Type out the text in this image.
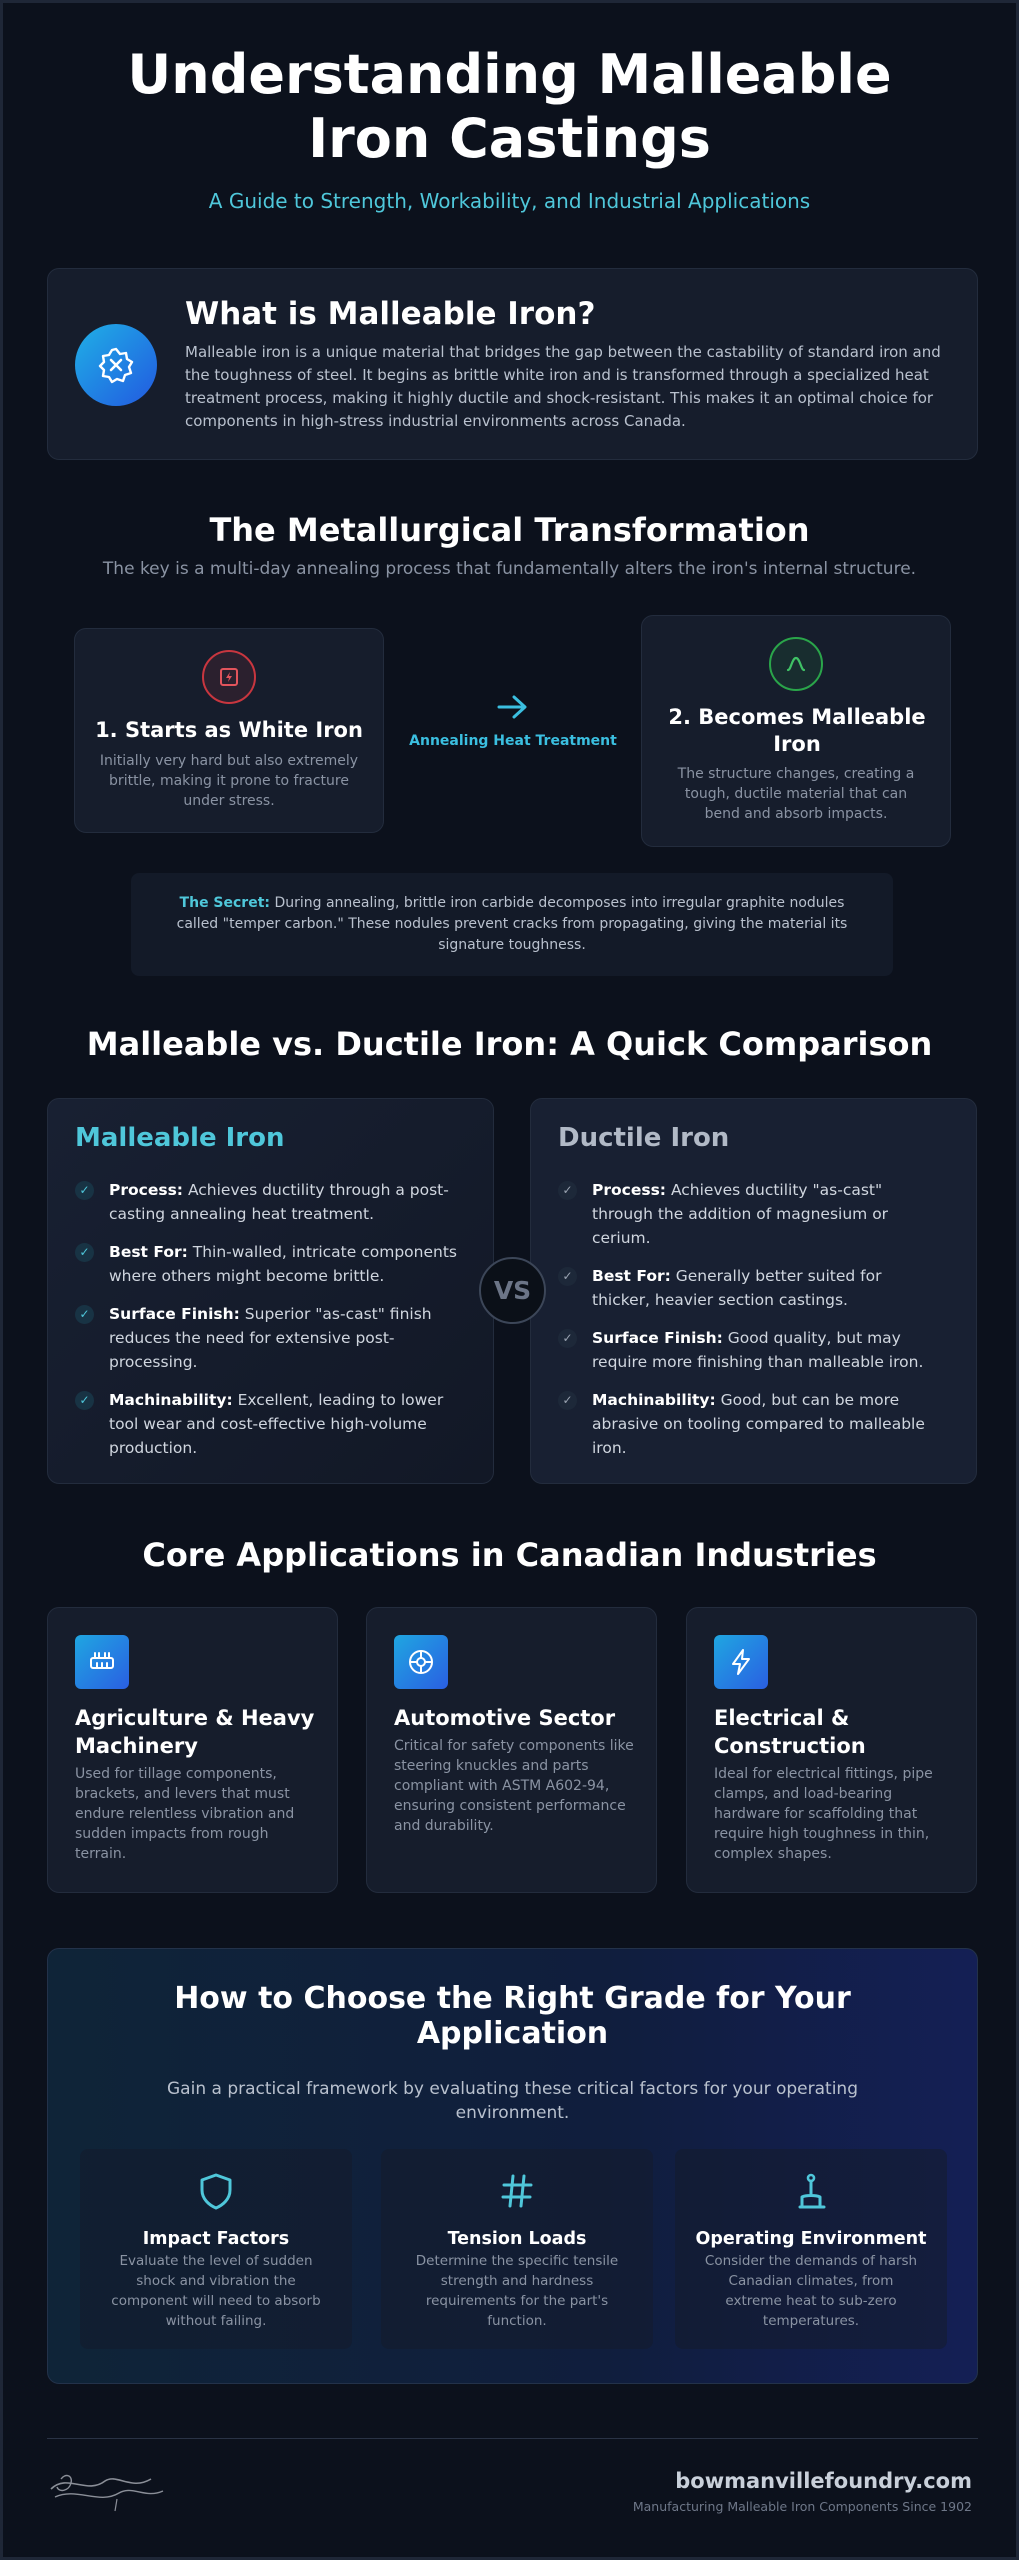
Understanding Malleable Iron Castings
A Guide to Strength, Workability, and Industrial Applications
What is Malleable Iron?

Malleable iron is a unique material that bridges the gap between the castability of standard iron and the toughness of steel. It begins as brittle white iron and is transformed through a specialized heat treatment process, making it highly ductile and shock-resistant. This makes it an optimal choice for components in high-stress industrial environments across Canada.

The Metallurgical Transformation
The key is a multi-day annealing process that fundamentally alters the iron's internal structure.
1. Starts as White Iron

Initially very hard but also extremely brittle, making it prone to fracture under stress.

Annealing Heat Treatment
2. Becomes Malleable Iron

The structure changes, creating a tough, ductile material that can bend and absorb impacts.

The Secret: During annealing, brittle iron carbide decomposes into irregular graphite nodules called "temper carbon." These nodules prevent cracks from propagating, giving the material its signature toughness.
Malleable vs. Ductile Iron: A Quick Comparison
Malleable Iron
✓ Process: Achieves ductility through a post-casting annealing heat treatment.
✓ Best For: Thin-walled, intricate components where others might become brittle.
✓ Surface Finish: Superior "as-cast" finish reduces the need for extensive post-processing.
✓ Machinability: Excellent, leading to lower tool wear and cost-effective high-volume production.
Ductile Iron
✓ Process: Achieves ductility "as-cast" through the addition of magnesium or cerium.
✓ Best For: Generally better suited for thicker, heavier section castings.
✓ Surface Finish: Good quality, but may require more finishing than malleable iron.
✓ Machinability: Good, but can be more abrasive on tooling compared to malleable iron.
VS
Core Applications in Canadian Industries
Agriculture & Heavy Machinery

Used for tillage components, brackets, and levers that must endure relentless vibration and sudden impacts from rough terrain.

Automotive Sector

Critical for safety components like steering knuckles and parts compliant with ASTM A602-94, ensuring consistent performance and durability.

Electrical & Construction

Ideal for electrical fittings, pipe clamps, and load-bearing hardware for scaffolding that require high toughness in thin, complex shapes.

How to Choose the Right Grade for Your Application
Gain a practical framework by evaluating these critical factors for your operating environment.
Impact Factors

Evaluate the level of sudden shock and vibration the component will need to absorb without failing.

Tension Loads

Determine the specific tensile strength and hardness requirements for the part's function.

Operating Environment

Consider the demands of harsh Canadian climates, from extreme heat to sub-zero temperatures.

bowmanvillefoundry.com
Manufacturing Malleable Iron Components Since 1902
